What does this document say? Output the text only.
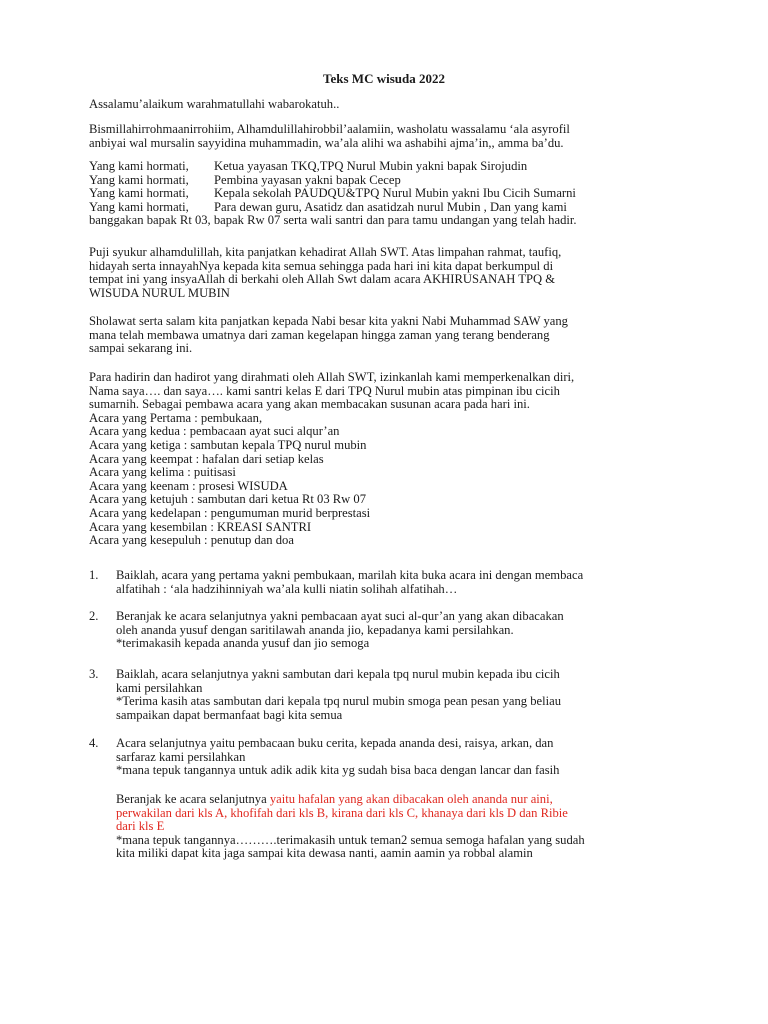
Teks MC wisuda 2022
Assalamu’alaikum warahmatullahi wabarokatuh..
Bismillahirrohmaanirrohiim, Alhamdulillahirobbil’aalamiin, washolatu wassalamu ‘ala asyrofil
anbiyai wal mursalin sayyidina muhammadin, wa’ala alihi wa ashabihi ajma’in,, amma ba’du.
Yang kami hormati, Ketua yayasan TKQ,TPQ Nurul Mubin yakni bapak Sirojudin
Yang kami hormati, Pembina yayasan yakni bapak Cecep
Yang kami hormati, Kepala sekolah PAUDQU&TPQ Nurul Mubin yakni Ibu Cicih Sumarni
Yang kami hormati, Para dewan guru, Asatidz dan asatidzah nurul Mubin , Dan yang kami
banggakan bapak Rt 03, bapak Rw 07 serta wali santri dan para tamu undangan yang telah hadir.
Puji syukur alhamdulillah, kita panjatkan kehadirat Allah SWT. Atas limpahan rahmat, taufiq,
hidayah serta innayahNya kepada kita semua sehingga pada hari ini kita dapat berkumpul di
tempat ini yang insyaAllah di berkahi oleh Allah Swt dalam acara AKHIRUSANAH TPQ &
WISUDA NURUL MUBIN
Sholawat serta salam kita panjatkan kepada Nabi besar kita yakni Nabi Muhammad SAW yang
mana telah membawa umatnya dari zaman kegelapan hingga zaman yang terang benderang
sampai sekarang ini.
Para hadirin dan hadirot yang dirahmati oleh Allah SWT, izinkanlah kami memperkenalkan diri,
Nama saya…. dan saya…. kami santri kelas E dari TPQ Nurul mubin atas pimpinan ibu cicih
sumarnih. Sebagai pembawa acara yang akan membacakan susunan acara pada hari ini.
Acara yang Pertama : pembukaan,
Acara yang kedua : pembacaan ayat suci alqur’an
Acara yang ketiga : sambutan kepala TPQ nurul mubin
Acara yang keempat : hafalan dari setiap kelas
Acara yang kelima : puitisasi
Acara yang keenam : prosesi WISUDA
Acara yang ketujuh : sambutan dari ketua Rt 03 Rw 07
Acara yang kedelapan : pengumuman murid berprestasi
Acara yang kesembilan : KREASI SANTRI
Acara yang kesepuluh : penutup dan doa
1.	Baiklah, acara yang pertama yakni pembukaan, marilah kita buka acara ini dengan membaca
alfatihah : ‘ala hadzihinniyah wa’ala kulli niatin solihah alfatihah…
2.	Beranjak ke acara selanjutnya yakni pembacaan ayat suci al-qur’an yang akan dibacakan
oleh ananda yusuf dengan saritilawah ananda jio, kepadanya kami persilahkan.
*terimakasih kepada ananda yusuf dan jio semoga
3.	Baiklah, acara selanjutnya yakni sambutan dari kepala tpq nurul mubin kepada ibu cicih
kami persilahkan
*Terima kasih atas sambutan dari kepala tpq nurul mubin smoga pean pesan yang beliau
sampaikan dapat bermanfaat bagi kita semua
4.	Acara selanjutnya yaitu pembacaan buku cerita, kepada ananda desi, raisya, arkan, dan
sarfaraz kami persilahkan
*mana tepuk tangannya untuk adik adik kita yg sudah bisa baca dengan lancar dan fasih
Beranjak ke acara selanjutnya yaitu hafalan yang akan dibacakan oleh ananda nur aini,
perwakilan dari kls A, khofifah dari kls B, kirana dari kls C, khanaya dari kls D dan Ribie
dari kls E
*mana tepuk tangannya……….terimakasih untuk teman2 semua semoga hafalan yang sudah
kita miliki dapat kita jaga sampai kita dewasa nanti, aamin aamin ya robbal alamin
